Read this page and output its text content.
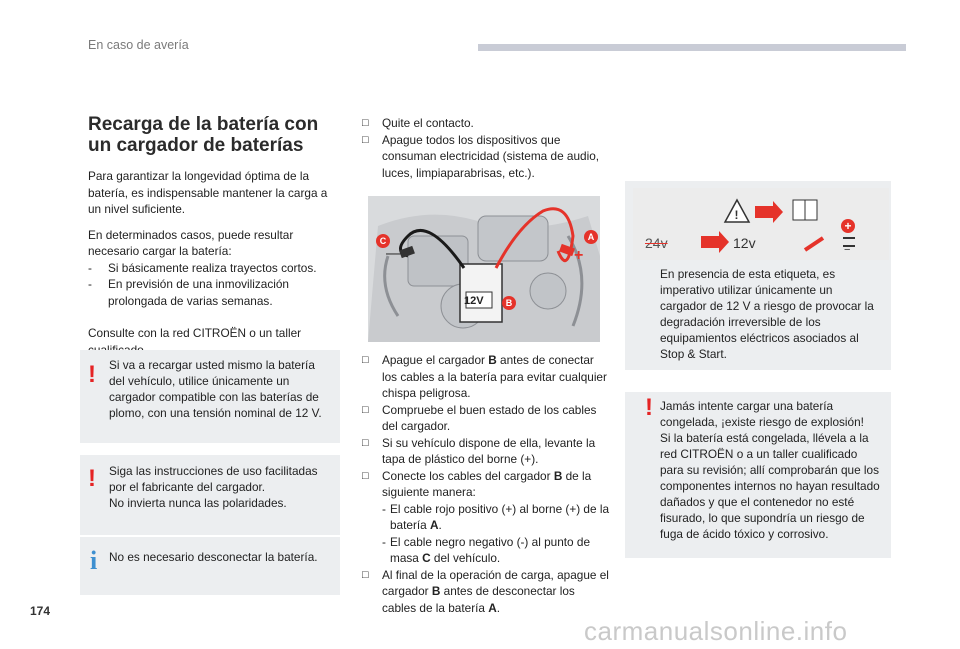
En caso de avería
Recarga de la batería con un cargador de baterías

Para garantizar la longevidad óptima de la batería, es indispensable mantener la carga a un nivel suficiente.

En determinados casos, puede resultar necesario cargar la batería:

- Si básicamente realiza trayectos cortos.
- En previsión de una inmovilización prolongada de varias semanas.

Consulte con la red CITROËN o un taller

! Si va a recargar usted mismo la batería del vehículo, utilice únicamente un cargador compatible con las baterías de plomo, con una tensión nominal de 12 V.

! Siga las instrucciones de uso facilitadas por el fabricante del cargador.
No invierta nunca las polaridades.

i No es necesario desconectar la batería.

□ Quite el contacto.

□ Apague todos los dispositivos que consuman electricidad (sistema de audio, luces, limpiaparabrisas, etc.).

—	+
12V
A
B
C

□ Apague el cargador B antes de conectar los cables a la batería para evitar cualquier chispa peligrosa.

□ Compruebe el buen estado de los cables del cargador.

□ Si su vehículo dispone de ella, levante la tapa de plástico del borne (+).

□ Conecte los cables del cargador B de la siguiente manera:

- El cable rojo positivo (+) al borne (+) de la batería A.

- El cable negro negativo (-) al punto de masa C del vehículo.

□ Al final de la operación de carga, apague el cargador B antes de desconectar los cables de la batería A.

!
24v	12v
+
−

En presencia de esta etiqueta, es imperativo utilizar únicamente un cargador de 12 V a riesgo de provocar la degradación irreversible de los equipamientos eléctricos asociados al Stop & Start.

! Jamás intente cargar una batería congelada, ¡existe riesgo de explosión!
Si la batería está congelada, llévela a la red CITROËN o a un taller cualificado para su revisión; allí comprobarán que los componentes internos no hayan resultado dañados y que el contenedor no esté fisurado, lo que supondría un riesgo de fuga de ácido tóxico y corrosivo.

174
carmanualsonline.info
